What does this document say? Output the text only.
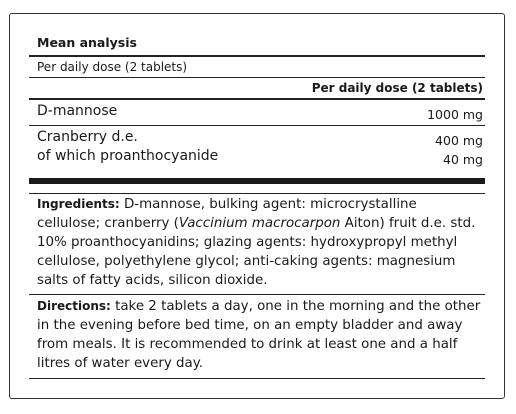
Mean analysis
Per daily dose (2 tablets)
Per daily dose (2 tablets)
D-mannose	1000 mg
Cranberry d.e.	400 mg
of which proanthocyanide	40 mg
Ingredients: D-mannose, bulking agent: microcrystalline cellulose; cranberry (Vaccinium macrocarpon Aiton) fruit d.e. std. 10% proanthocyanidins; glazing agents: hydroxypropyl methyl cellulose, polyethylene glycol; anti-caking agents: magnesium salts of fatty acids, silicon dioxide.
Directions: take 2 tablets a day, one in the morning and the other in the evening before bed time, on an empty bladder and away from meals. It is recommended to drink at least one and a half litres of water every day.
